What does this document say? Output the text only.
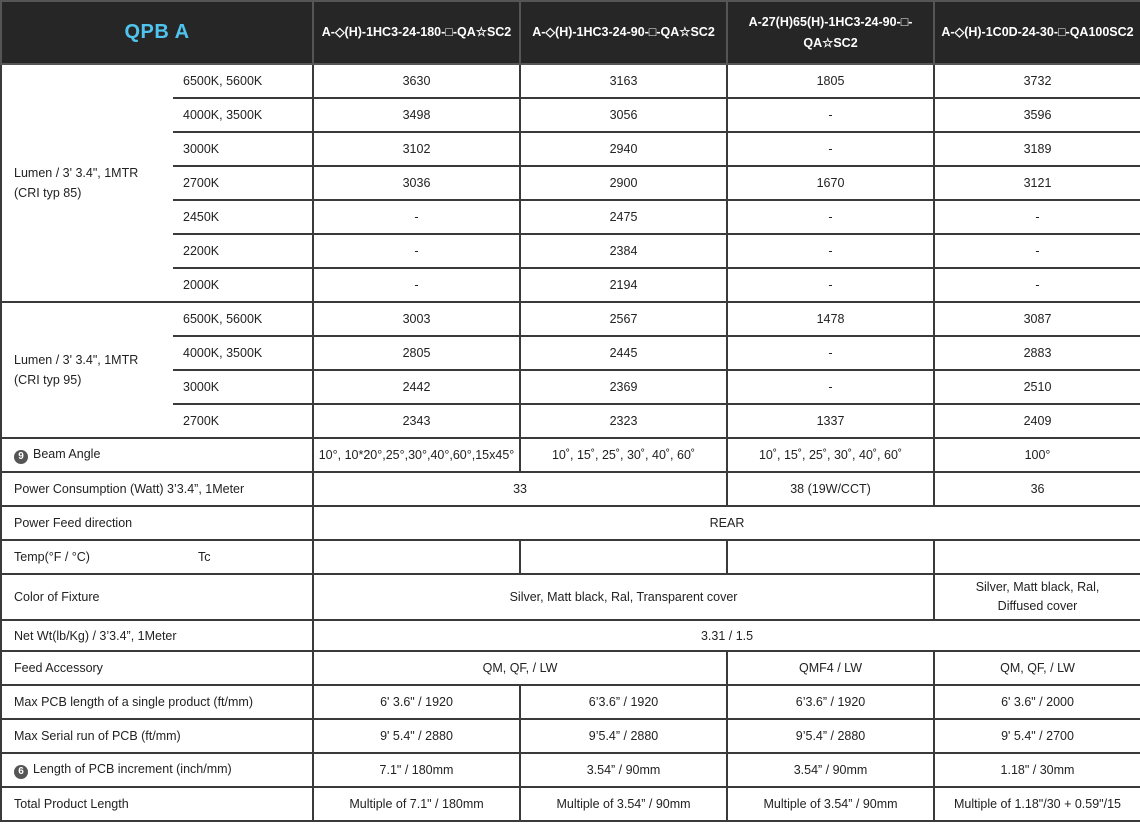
QPB A		A-◇(H)-1HC3-24-180-□-QA☆SC2	A-◇(H)-1HC3-24-90-□-QA☆SC2	A-27(H)65(H)-1HC3-24-90-□-QA☆SC2	A-◇(H)-1C0D-24-30-□-QA100SC2
Lumen / 3' 3.4", 1MTR
(CRI typ 85)	6500K, 5600K	3630	3163	1805	3732
	4000K, 3500K	3498	3056	-	3596
	3000K	3102	2940	-	3189
	2700K	3036	2900	1670	3121
	2450K	-	2475	-	-
	2200K	-	2384	-	-
	2000K	-	2194	-	-
Lumen / 3' 3.4", 1MTR
(CRI typ 95)	6500K, 5600K	3003	2567	1478	3087
	4000K, 3500K	2805	2445	-	2883
	3000K	2442	2369	-	2510
	2700K	2343	2323	1337	2409
9 Beam Angle		10°, 10*20°,25°,30°,40°,60°,15x45°	10˚, 15˚, 25˚, 30˚, 40˚, 60˚	10˚, 15˚, 25˚, 30˚, 40˚, 60˚	100°
Power Consumption (Watt) 3’3.4”, 1Meter		33		38 (19W/CCT)	36
Power Feed direction		REAR			
Temp(°F / °C) Tc					
Color of Fixture		Silver, Matt black, Ral, Transparent cover			Silver, Matt black, Ral,
Diffused cover
Net Wt(lb/Kg) / 3’3.4”, 1Meter		3.31 / 1.5			
Feed Accessory		QM, QF, / LW		QMF4 / LW	QM, QF, / LW
Max PCB length of a single product (ft/mm)		6' 3.6" / 1920	6’3.6” / 1920	6’3.6” / 1920	6' 3.6" / 2000
Max Serial run of PCB (ft/mm)		9' 5.4" / 2880	9’5.4” / 2880	9’5.4” / 2880	9' 5.4" / 2700
6 Length of PCB increment (inch/mm)		7.1" / 180mm	3.54” / 90mm	3.54” / 90mm	1.18" / 30mm
Total Product Length		Multiple of 7.1" / 180mm	Multiple of 3.54” / 90mm	Multiple of 3.54” / 90mm	Multiple of 1.18"/30 + 0.59"/15
